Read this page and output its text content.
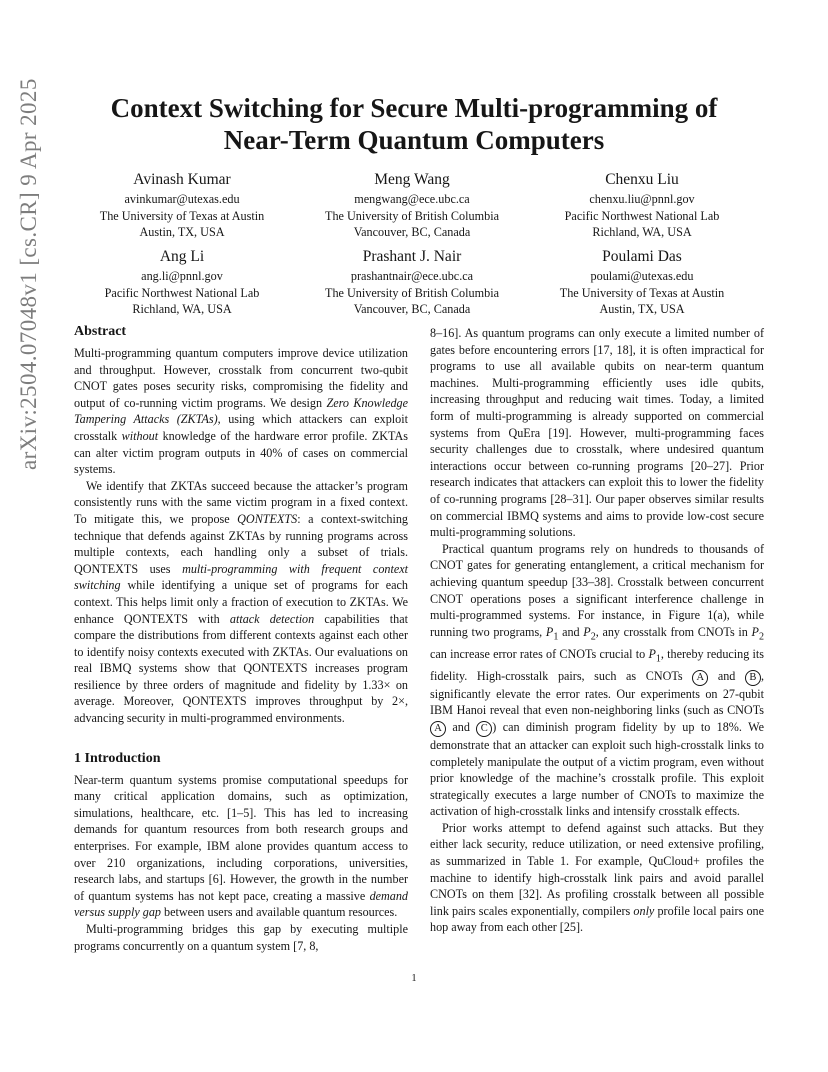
arXiv:2504.07048v1 [cs.CR] 9 Apr 2025	Context Switching for Secure Multi-programming of
Near-Term Quantum Computers
Avinash Kumar
avinkumar@utexas.edu
The University of Texas at Austin
Austin, TX, USA
Meng Wang
mengwang@ece.ubc.ca
The University of British Columbia
Vancouver, BC, Canada
Chenxu Liu
chenxu.liu@pnnl.gov
Pacific Northwest National Lab
Richland, WA, USA
Ang Li
ang.li@pnnl.gov
Pacific Northwest National Lab
Richland, WA, USA
Prashant J. Nair
prashantnair@ece.ubc.ca
The University of British Columbia
Vancouver, BC, Canada
Poulami Das
poulami@utexas.edu
The University of Texas at Austin
Austin, TX, USA
Abstract

Multi-programming quantum computers improve device utilization and throughput. However, crosstalk from concurrent two-qubit CNOT gates poses security risks, compromising the fidelity and output of co-running victim programs. We design Zero Knowledge Tampering Attacks (ZKTAs), using which attackers can exploit crosstalk without knowledge of the hardware error profile. ZKTAs can alter victim program outputs in 40% of cases on commercial systems.

We identify that ZKTAs succeed because the attacker’s program consistently runs with the same victim program in a fixed context. To mitigate this, we propose QONTEXTS: a context-switching technique that defends against ZKTAs by running programs across multiple contexts, each handling only a subset of trials. QONTEXTS uses multi-programming with frequent context switching while identifying a unique set of programs for each context. This helps limit only a fraction of execution to ZKTAs. We enhance QONTEXTS with attack detection capabilities that compare the distributions from different contexts against each other to identify noisy contexts executed with ZKTAs. Our evaluations on real IBMQ systems show that QONTEXTS increases program resilience by three orders of magnitude and fidelity by 1.33× on average. Moreover, QONTEXTS improves throughput by 2×, advancing security in multi-programmed environments.

1 Introduction

Near-term quantum systems promise computational speedups for many critical application domains, such as optimization, simulations, healthcare, etc. [1–5]. This has led to increasing demands for quantum resources from both research groups and enterprises. For example, IBM alone provides quantum access to over 210 organizations, including corporations, universities, research labs, and startups [6]. However, the growth in the number of quantum systems has not kept pace, creating a massive demand versus supply gap between users and available quantum resources.

Multi-programming bridges this gap by executing multiple programs concurrently on a quantum system [7, 8,

8–16]. As quantum programs can only execute a limited number of gates before encountering errors [17, 18], it is often impractical for programs to use all available qubits on near-term quantum machines. Multi-programming efficiently uses idle qubits, increasing throughput and reducing wait times. Today, a limited form of multi-programming is already supported on commercial systems from QuEra [19]. However, multi-programming faces security challenges due to crosstalk, where undesired quantum interactions occur between co-running programs [20–27]. Prior research indicates that attackers can exploit this to lower the fidelity of co-running programs [28–31]. Our paper observes similar results on commercial IBMQ systems and aims to provide low-cost secure multi-programming solutions.

Practical quantum programs rely on hundreds to thousands of CNOT gates for generating entanglement, a critical mechanism for achieving quantum speedup [33–38]. Crosstalk between concurrent CNOT operations poses a significant interference challenge in multi-programmed systems. For instance, in Figure 1(a), while running two programs, $P_1$ and $P_2$, any crosstalk from CNOTs in $P_2$ can increase error rates of CNOTs crucial to $P_1$, thereby reducing its fidelity. High-crosstalk pairs, such as CNOTs A and B , significantly elevate the error rates. Our experiments on 27-qubit IBM Hanoi reveal that even non-neighboring links (such as CNOTs A and C ) can diminish program fidelity by up to 18%. We demonstrate that an attacker can exploit such high-crosstalk links to completely manipulate the output of a victim program, even without prior knowledge of the machine’s crosstalk profile. This exploit strategically executes a large number of CNOTs to maximize the activation of high-crosstalk links and intensify crosstalk effects.

Prior works attempt to defend against such attacks. But they either lack security, reduce utilization, or need extensive profiling, as summarized in Table 1. For example, QuCloud+ profiles the machine to identify high-crosstalk link pairs and avoid parallel CNOTs on them [32]. As profiling crosstalk between all possible link pairs scales exponentially, compilers only profile local pairs one hop away from each other [25].

1
